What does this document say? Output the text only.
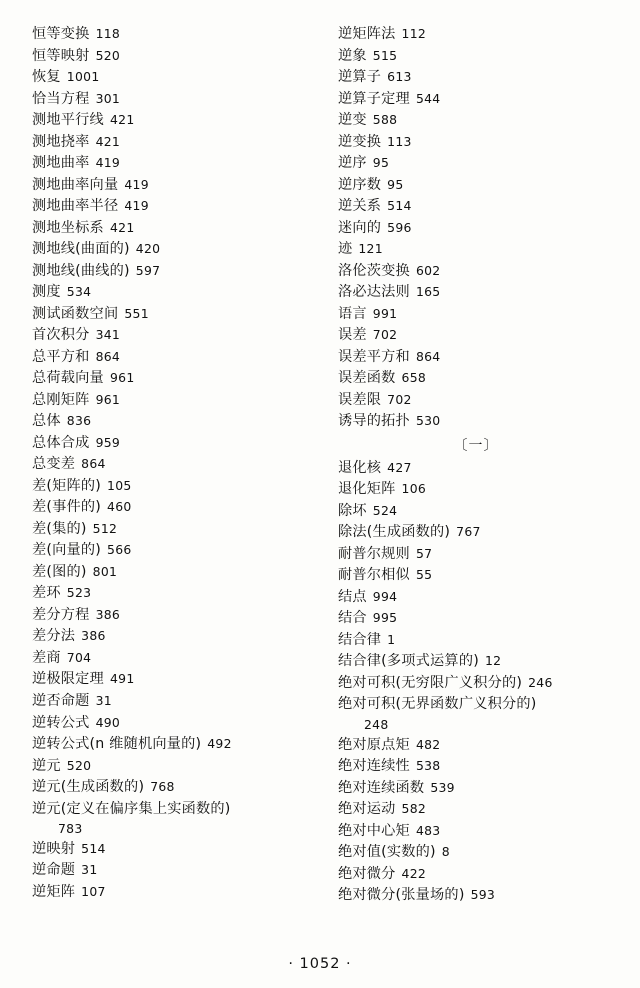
恒等变换 118
恒等映射 520
恢复 1001
恰当方程 301
测地平行线 421
测地挠率 421
测地曲率 419
测地曲率向量 419
测地曲率半径 419
测地坐标系 421
测地线(曲面的) 420
测地线(曲线的) 597
测度 534
测试函数空间 551
首次积分 341
总平方和 864
总荷载向量 961
总刚矩阵 961
总体 836
总体合成 959
总变差 864
差(矩阵的) 105
差(事件的) 460
差(集的) 512
差(向量的) 566
差(图的) 801
差环 523
差分方程 386
差分法 386
差商 704
逆极限定理 491
逆否命题 31
逆转公式 490
逆转公式(n 维随机向量的) 492
逆元 520
逆元(生成函数的) 768
逆元(定义在偏序集上实函数的)
783
逆映射 514
逆命题 31
逆矩阵 107
逆矩阵法 112
逆象 515
逆算子 613
逆算子定理 544
逆变 588
逆变换 113
逆序 95
逆序数 95
逆关系 514
迷向的 596
迹 121
洛伦茨变换 602
洛必达法则 165
语言 991
误差 702
误差平方和 864
误差函数 658
误差限 702
诱导的拓扑 530
〔一〕
退化核 427
退化矩阵 106
除坏 524
除法(生成函数的) 767
耐普尔规则 57
耐普尔相似 55
结点 994
结合 995
结合律 1
结合律(多项式运算的) 12
绝对可积(无穷限广义积分的) 246
绝对可积(无界函数广义积分的)
248
绝对原点矩 482
绝对连续性 538
绝对连续函数 539
绝对运动 582
绝对中心矩 483
绝对值(实数的) 8
绝对微分 422
绝对微分(张量场的) 593
· 1052 ·
